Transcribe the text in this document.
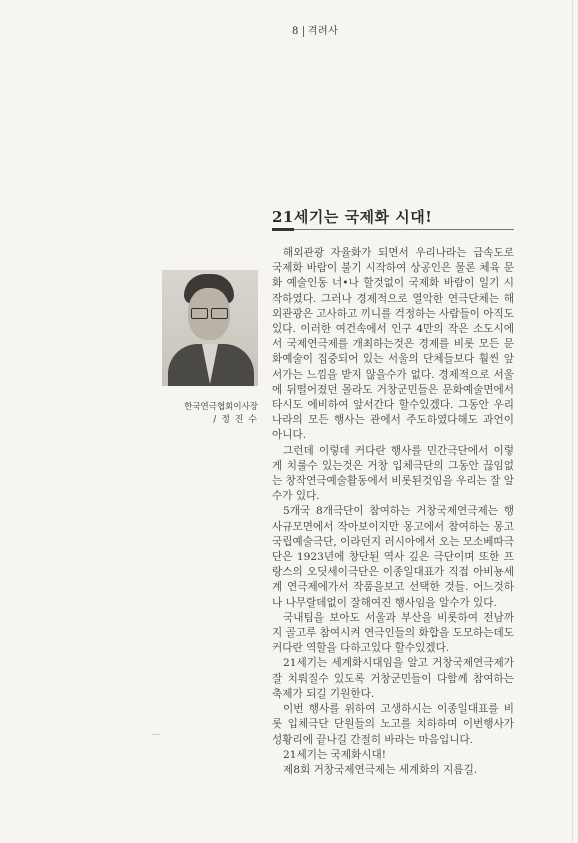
8 격려사
21세기는 국제화 시대!
한국연극협회이사장
/ 정 진 수

해외관광 자율화가 되면서 우리나라는 급속도로 국제화 바람이 불기 시작하여 상공인은 물론 체육 문화 예술인동 너•나 할것없이 국제화 바람이 일기 시작하였다. 그러나 경제적으로 열악한 연극단체는 해외관광은 고사하고 끼니를 걱정하는 사람들이 아직도 있다. 이러한 여건속에서 인구 4만의 작은 소도시에서 국제연극제를 개최하는것은 경제를 비롯 모든 문화예술이 집중되어 있는 서울의 단체들보다 훨씬 앞서가는 느낌을 받지 않을수가 없다. 경제적으로 서울에 뒤떨어졌던 몰라도 거창군민들은 문화예술면에서 타시도 에비하여 앞서간다 할수있겠다. 그동안 우리나라의 모든 행사는 관에서 주도하였다해도 과언이 아니다.

그런데 이렇데 커다란 행사를 민간극단에서 이렇게 치룰수 있는것은 거창 입체극단의 그동안 끊임없는 창작연극예술활동에서 비롯된것임을 우리는 잘 알수가 있다.

5개국 8개극단이 참여하는 거창국제연극제는 행사규모면에서 작아보이지만 몽고에서 참여하는 몽고국립예술극단, 이라던지 러시아에서 오는 모소베따극단은 1923년에 창단된 역사 깊은 극단이며 또한 프랑스의 오딧세이극단은 이종일대표가 직접 아비뇽세계 연극제에가서 작품을보고 선택한 것들. 어느것하나 나무랄데없이 잘해여진 행사임을 알수가 있다.

국내팀을 보아도 서울과 부산을 비롯하여 전남까지 골고루 참여시켜 연극인들의 화합을 도모하는데도 커다란 역할을 다하고있다 할수있겠다.

21세기는 세계화시대임을 알고 거창국제연극제가 잘 치뤄질수 있도록 거창군민들이 다함께 참여하는 축제가 되길 기원한다.

이번 행사를 위하여 고생하시는 이종일대표를 비롯 입체극단 단원들의 노고를 치하하며 이번행사가 성황리에 끝나길 간절히 바라는 마음입니다.

21세기는 국제화시대!

제8회 거창국제연극제는 세계화의 지름길.
